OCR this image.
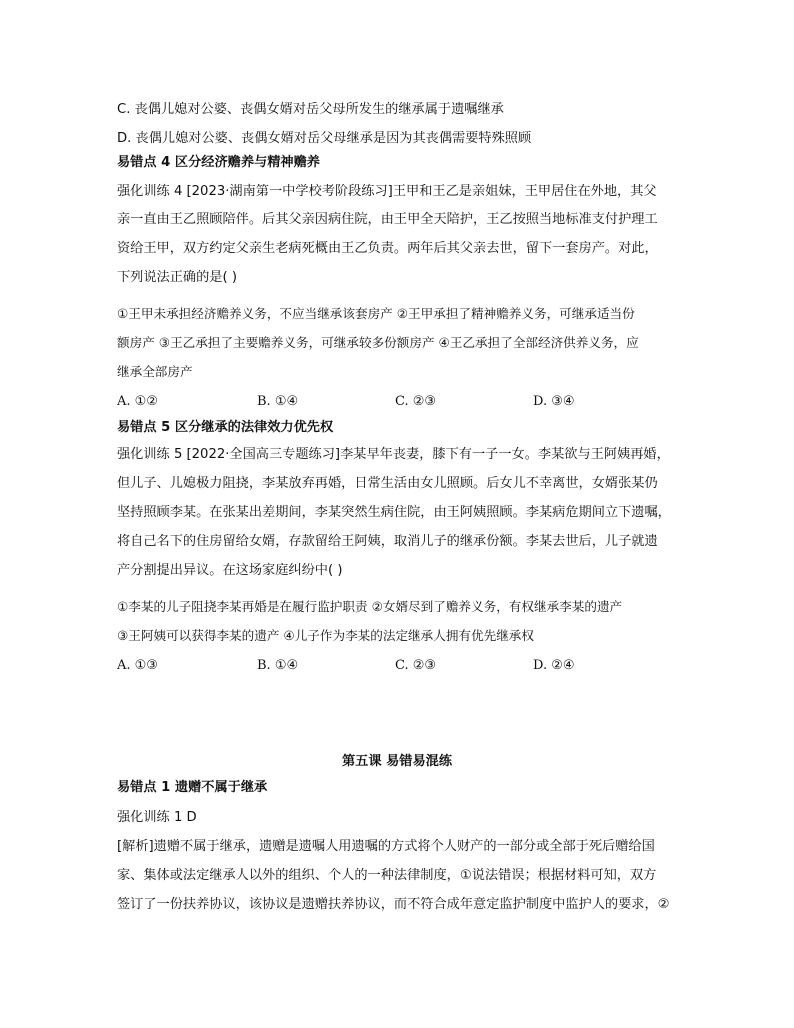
C. 丧偶儿媳对公婆、丧偶女婿对岳父母所发生的继承属于遗嘱继承
D. 丧偶儿媳对公婆、丧偶女婿对岳父母继承是因为其丧偶需要特殊照顾
易错点 4 区分经济赡养与精神赡养
强化训练 4 [2023·湖南第一中学校考阶段练习]王甲和王乙是亲姐妹，王甲居住在外地，其父
亲一直由王乙照顾陪伴。后其父亲因病住院，由王甲全天陪护，王乙按照当地标准支付护理工
资给王甲，双方约定父亲生老病死概由王乙负责。两年后其父亲去世，留下一套房产。对此，
下列说法正确的是( )
①王甲未承担经济赡养义务，不应当继承该套房产 ②王甲承担了精神赡养义务，可继承适当份
额房产 ③王乙承担了主要赡养义务，可继承较多份额房产 ④王乙承担了全部经济供养义务，应
继承全部房产
A. ①②	B. ①④	C. ②③	D. ③④
易错点 5 区分继承的法律效力优先权
强化训练 5 [2022·全国高三专题练习]李某早年丧妻，膝下有一子一女。李某欲与王阿姨再婚，
但儿子、儿媳极力阻挠，李某放弃再婚，日常生活由女儿照顾。后女儿不幸离世，女婿张某仍
坚持照顾李某。在张某出差期间，李某突然生病住院，由王阿姨照顾。李某病危期间立下遗嘱，
将自己名下的住房留给女婿，存款留给王阿姨，取消儿子的继承份额。李某去世后，儿子就遗
产分割提出异议。在这场家庭纠纷中( )
①李某的儿子阻挠李某再婚是在履行监护职责 ②女婿尽到了赡养义务，有权继承李某的遗产
③王阿姨可以获得李某的遗产 ④儿子作为李某的法定继承人拥有优先继承权
A. ①③	B. ①④	C. ②③	D. ②④
第五课 易错易混练
易错点 1 遗赠不属于继承
强化训练 1 D
[解析]遗赠不属于继承，遗赠是遗嘱人用遗嘱的方式将个人财产的一部分或全部于死后赠给国
家、集体或法定继承人以外的组织、个人的一种法律制度，①说法错误；根据材料可知，双方
签订了一份扶养协议，该协议是遗赠扶养协议，而不符合成年意定监护制度中监护人的要求，②
